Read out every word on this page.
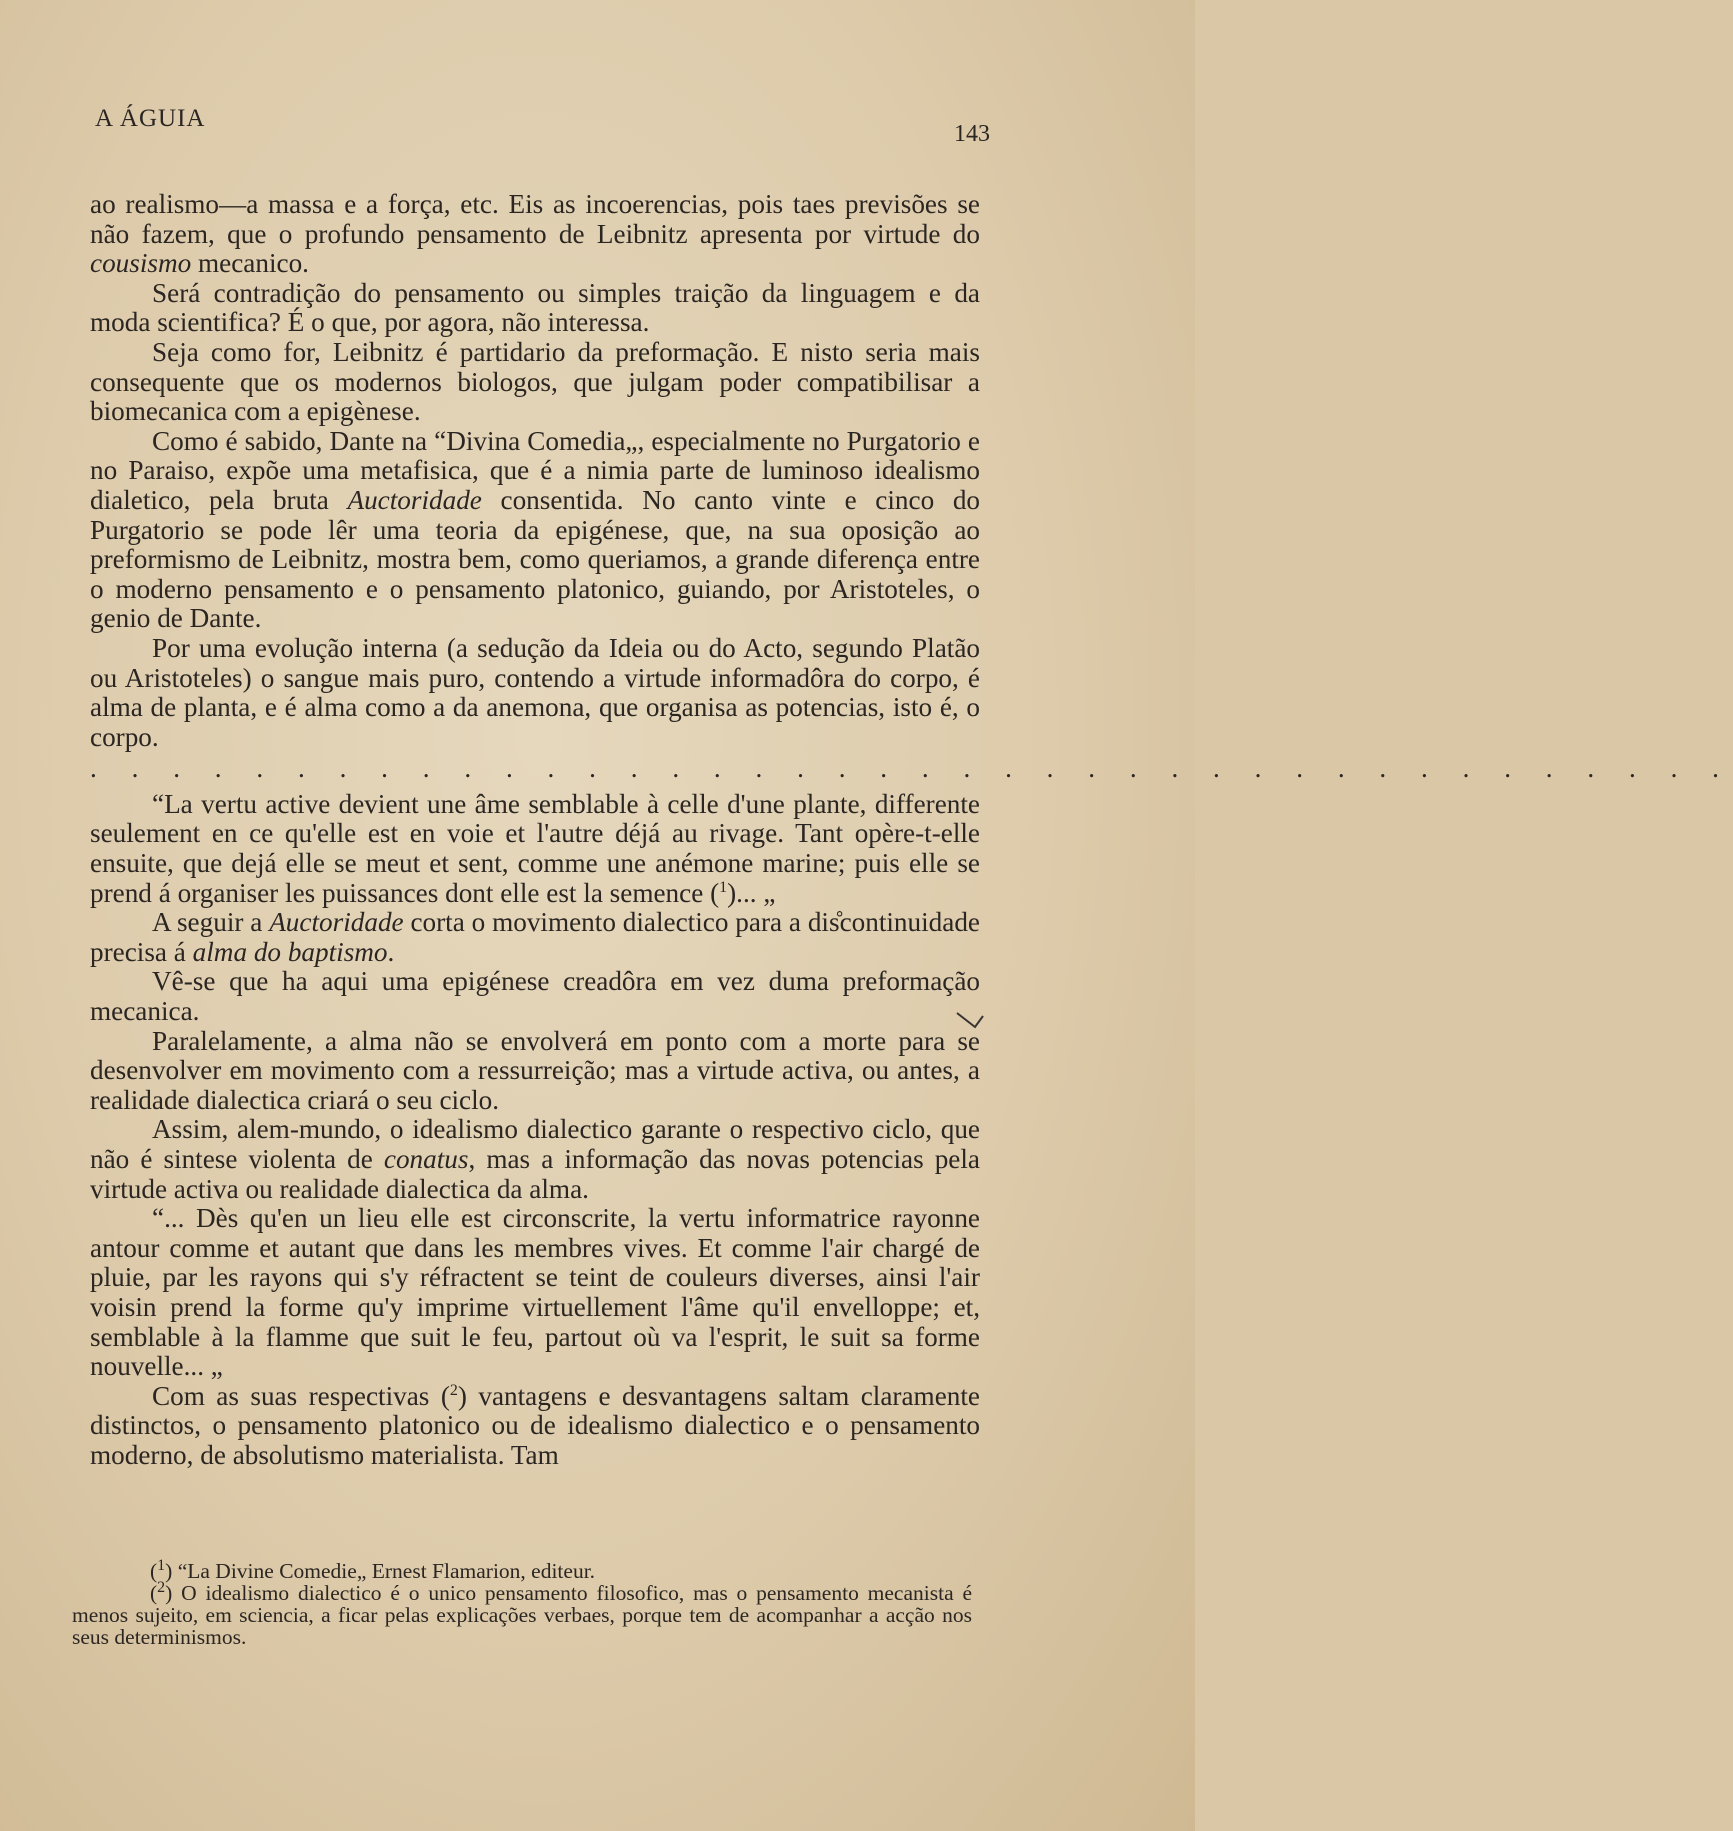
A ÁGUIA
143

ao realismo—a massa e a força, etc. Eis as incoerencias, pois taes previsões se não fazem, que o profundo pensamento de Leibnitz apresenta por virtude do cousismo mecanico.

Será contradição do pensamento ou simples traição da linguagem e da moda scientifica? É o que, por agora, não interessa.

Seja como for, Leibnitz é partidario da preformação. E nisto seria mais consequente que os modernos biologos, que julgam poder compatibilisar a biomecanica com a epigènese.

Como é sabido, Dante na “Divina Comedia„, especialmente no Purgatorio e no Paraiso, expõe uma metafisica, que é a nimia parte de luminoso idealismo dialetico, pela bruta Auctoridade consentida. No canto vinte e cinco do Purgatorio se pode lêr uma teoria da epigénese, que, na sua oposição ao preformismo de Leibnitz, mostra bem, como queriamos, a grande diferença entre o moderno pensamento e o pensamento platonico, guiando, por Aristoteles, o genio de Dante.

Por uma evolução interna (a sedução da Ideia ou do Acto, segundo Platão ou Aristoteles) o sangue mais puro, contendo a virtude informadôra do corpo, é alma de planta, e é alma como a da anemona, que organisa as potencias, isto é, o corpo.

. . . . . . . . . . . . . . . . . . . . . . . . . . . . . . . . . . . . . . . .

“La vertu active devient une âme semblable à celle d'une plante, differente seulement en ce qu'elle est en voie et l'autre déjá au rivage. Tant opère-t-elle ensuite, que dejá elle se meut et sent, comme une anémone marine; puis elle se prend á organiser les puissances dont elle est la semence ($^1$)... „

A seguir a Auctoridade corta o movimento dialectico para a dis̊continuidade precisa á alma do baptismo.

Vê-se que ha aqui uma epigénese creadôra em vez duma preformação mecanica.

Paralelamente, a alma não se envolverá em ponto com a morte para se desenvolver em movimento com a ressurreição; mas a virtude activa, ou antes, a realidade dialectica criará o seu ciclo.

Assim, alem-mundo, o idealismo dialectico garante o respectivo ciclo, que não é sintese violenta de conatus, mas a informação das novas potencias pela virtude activa ou realidade dialectica da alma.

“... Dès qu'en un lieu elle est circonscrite, la vertu informatrice rayonne antour comme et autant que dans les membres vives. Et comme l'air chargé de pluie, par les rayons qui s'y réfractent se teint de couleurs diverses, ainsi l'air voisin prend la forme qu'y imprime virtuellement l'âme qu'il envelloppe; et, semblable à la flamme que suit le feu, partout où va l'esprit, le suit sa forme nouvelle... „

Com as suas respectivas ($^2$) vantagens e desvantagens saltam claramente distinctos, o pensamento platonico ou de idealismo dialectico e o pensamento moderno, de absolutismo materialista. Tam

($^1$) “La Divine Comedie„ Ernest Flamarion, editeur.

($^2$) O idealismo dialectico é o unico pensamento filosofico, mas o pensamento mecanista é menos sujeito, em sciencia, a ficar pelas explicações verbaes, porque tem de acompanhar a acção nos seus determinismos.
